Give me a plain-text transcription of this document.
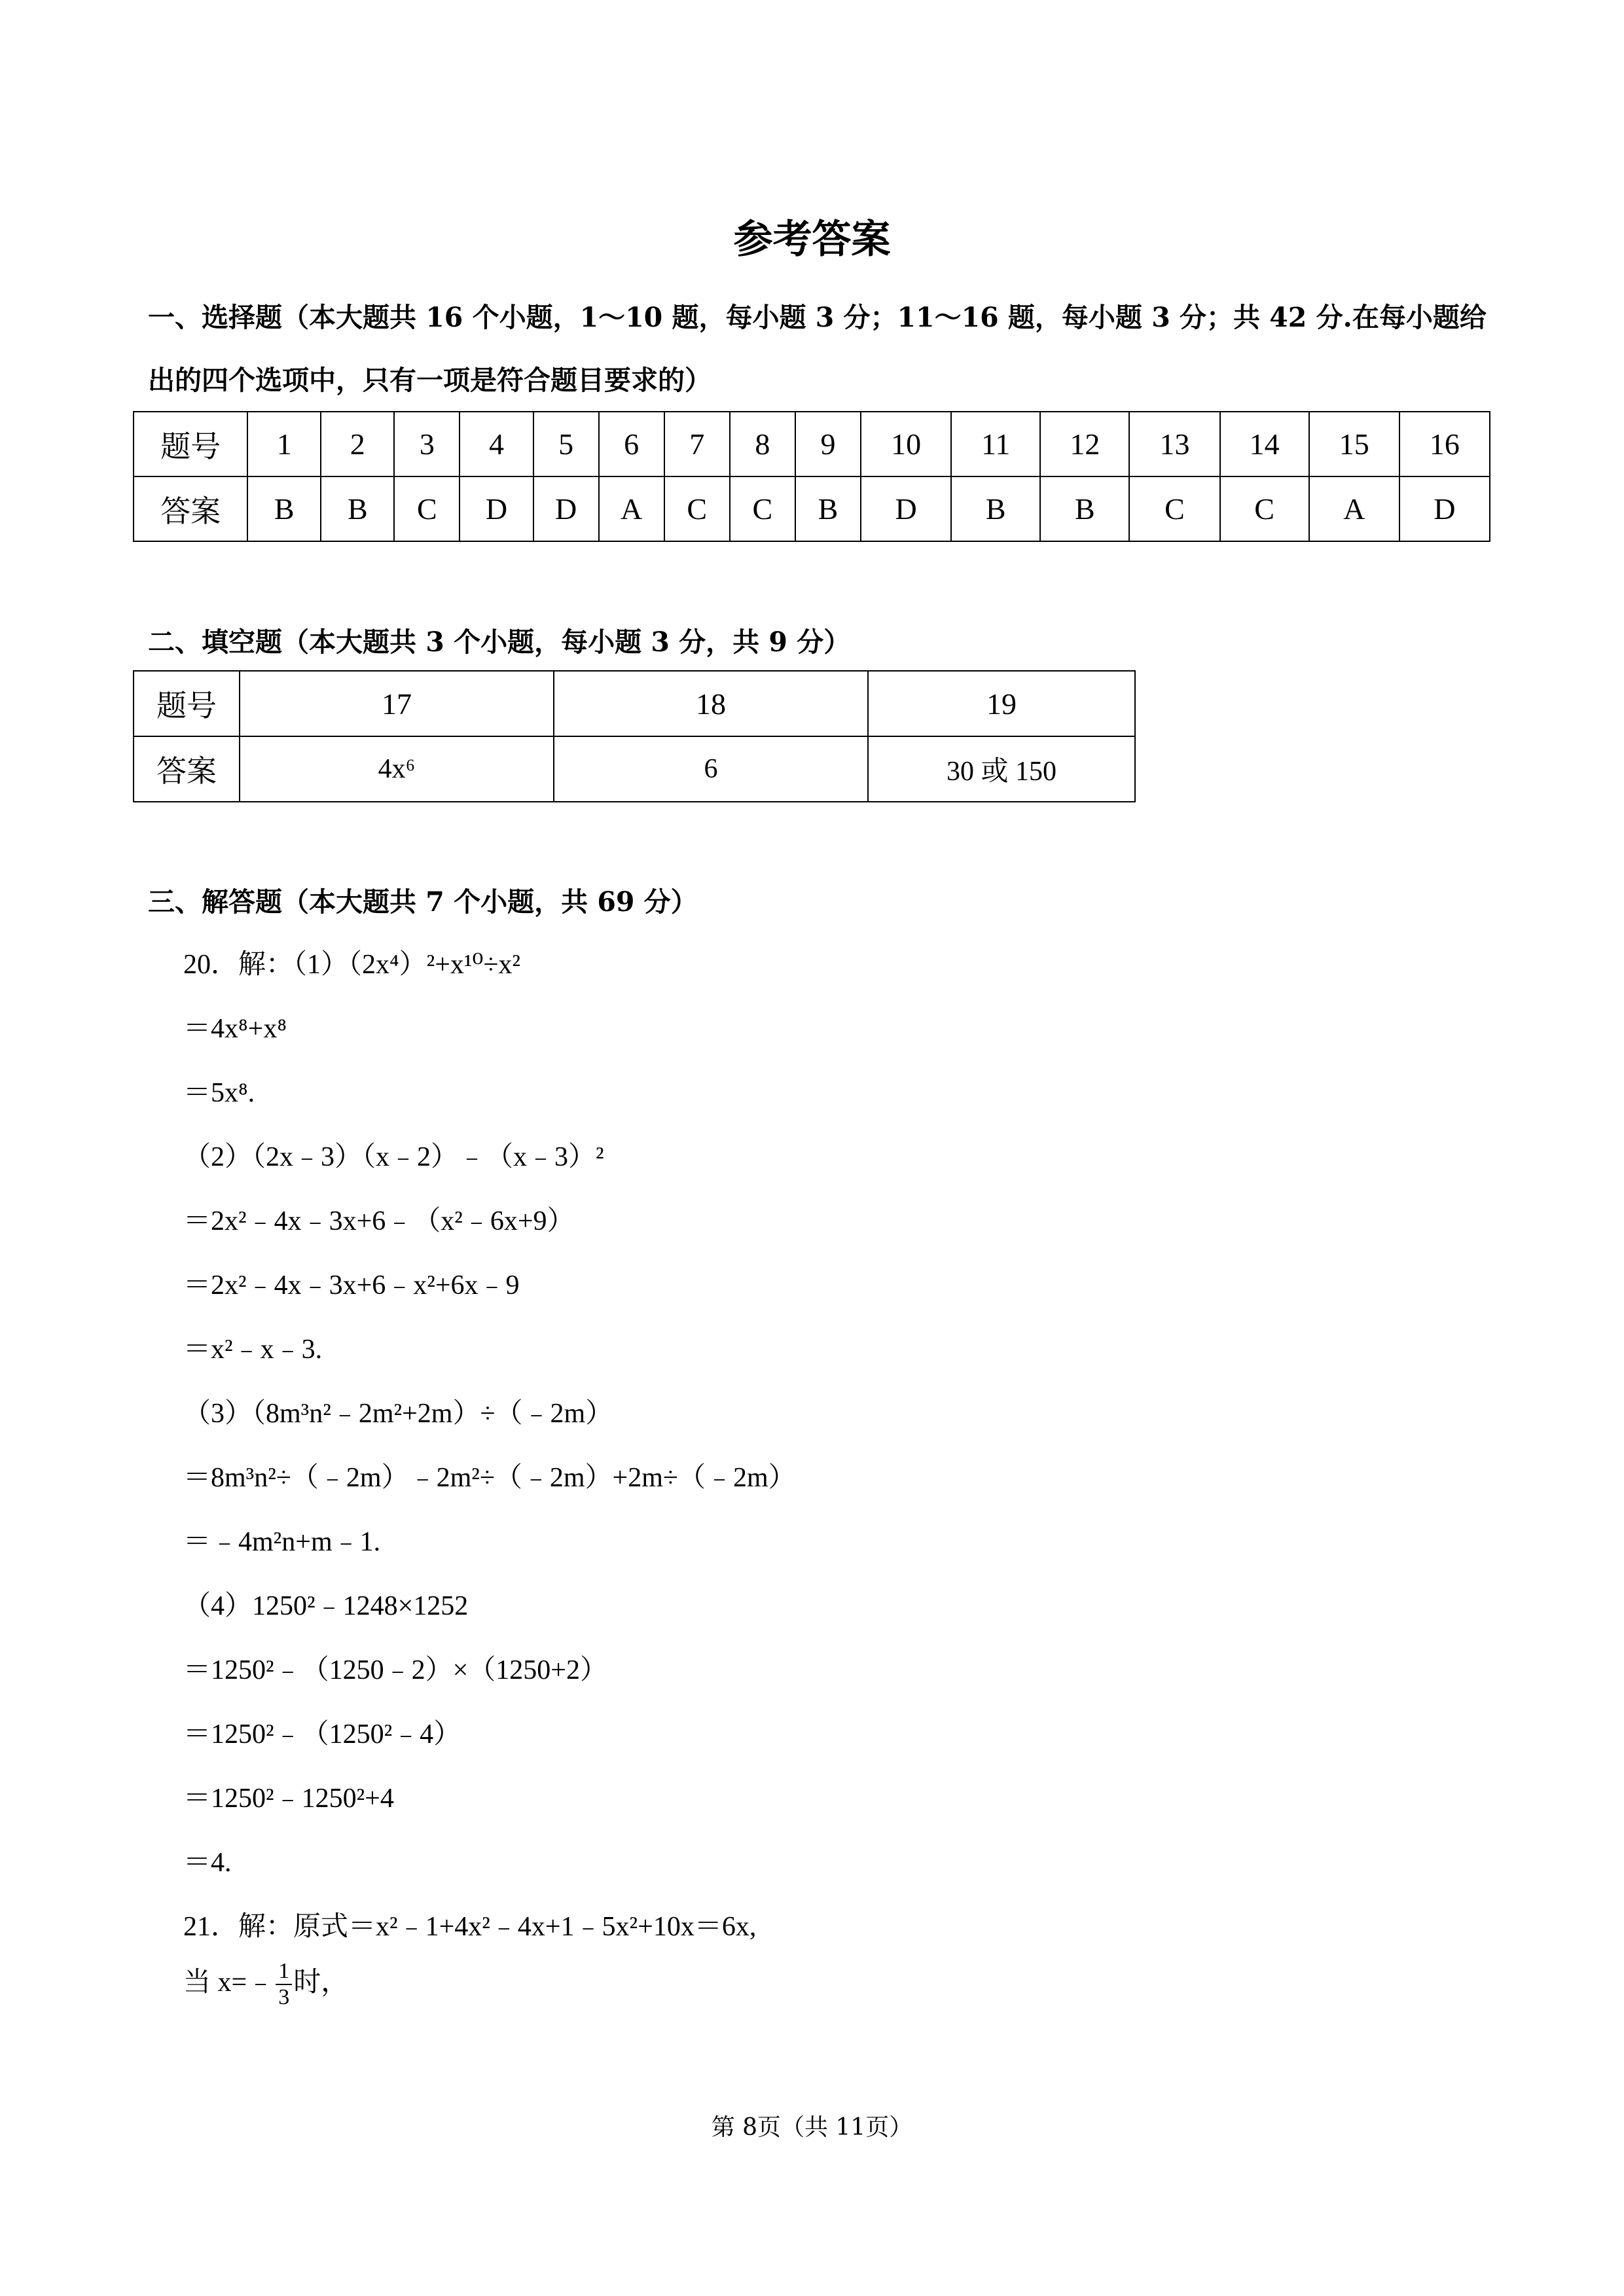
参考答案
一、选择题（本大题共 16 个小题，1～10 题，每小题 3 分；11～16 题，每小题 3 分；共 42 分.在每小题给
出的四个选项中，只有一项是符合题目要求的）
题号	1	2	3	4	5	6	7	8	9	10	11	12	13	14	15	16
答案	B	B	C	D	D	A	C	C	B	D	B	B	C	C	A	D
二、填空题（本大题共 3 个小题，每小题 3 分，共 9 分）
题号	17	18	19
答案	4x⁶	6	30 或 150
三、解答题（本大题共 7 个小题，共 69 分）
20．解：（1）（2x⁴）²+x¹⁰÷x²
＝4x⁸+x⁸
＝5x⁸.
（2）（2x﹣3）（x﹣2）﹣（x﹣3）²
＝2x²﹣4x﹣3x+6﹣（x²﹣6x+9）
＝2x²﹣4x﹣3x+6﹣x²+6x﹣9
＝x²﹣x﹣3.
（3）（8m³n²﹣2m²+2m）÷（﹣2m）
＝8m³n²÷（﹣2m）﹣2m²÷（﹣2m）+2m÷（﹣2m）
＝﹣4m²n+m﹣1.
（4）1250²﹣1248×1252
＝1250²﹣（1250﹣2）×（1250+2）
＝1250²﹣（1250²﹣4）
＝1250²﹣1250²+4
＝4.
21．解：原式＝x²﹣1+4x²﹣4x+1﹣5x²+10x＝6x,
当 x=﹣ $\frac{1}{3}$ 时，
第 8页（共 11页）
